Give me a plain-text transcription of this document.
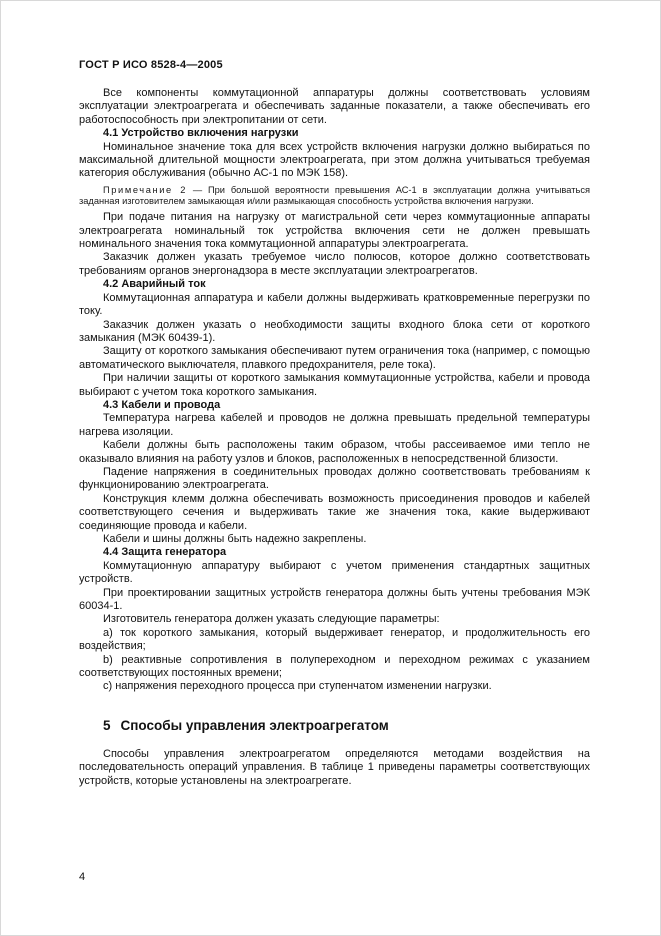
ГОСТ Р ИСО 8528-4—2005

Все компоненты коммутационной аппаратуры должны соответствовать условиям эксплуатации электроагрегата и обеспечивать заданные показатели, а также обеспечивать его работоспособность при электропитании от сети.

4.1 Устройство включения нагрузки

Номинальное значение тока для всех устройств включения нагрузки должно выбираться по максимальной длительной мощности электроагрегата, при этом должна учитываться требуемая категория обслуживания (обычно АС-1 по МЭК 158).

Примечание 2 — При большой вероятности превышения АС-1 в эксплуатации должна учитываться заданная изготовителем замыкающая и/или размыкающая способность устройства включения нагрузки.

При подаче питания на нагрузку от магистральной сети через коммутационные аппараты электроагрегата номинальный ток устройства включения сети не должен превышать номинального значения тока коммутационной аппаратуры электроагрегата.

Заказчик должен указать требуемое число полюсов, которое должно соответствовать требованиям органов энергонадзора в месте эксплуатации электроагрегатов.

4.2 Аварийный ток

Коммутационная аппаратура и кабели должны выдерживать кратковременные перегрузки по току.

Заказчик должен указать о необходимости защиты входного блока сети от короткого замыкания (МЭК 60439-1).

Защиту от короткого замыкания обеспечивают путем ограничения тока (например, с помощью автоматического выключателя, плавкого предохранителя, реле тока).

При наличии защиты от короткого замыкания коммутационные устройства, кабели и провода выбирают с учетом тока короткого замыкания.

4.3 Кабели и провода

Температура нагрева кабелей и проводов не должна превышать предельной температуры нагрева изоляции.

Кабели должны быть расположены таким образом, чтобы рассеиваемое ими тепло не оказывало влияния на работу узлов и блоков, расположенных в непосредственной близости.

Падение напряжения в соединительных проводах должно соответствовать требованиям к функционированию электроагрегата.

Конструкция клемм должна обеспечивать возможность присоединения проводов и кабелей соответствующего сечения и выдерживать такие же значения тока, какие выдерживают соединяющие провода и кабели.

Кабели и шины должны быть надежно закреплены.

4.4 Защита генератора

Коммутационную аппаратуру выбирают с учетом применения стандартных защитных устройств.

При проектировании защитных устройств генератора должны быть учтены требования МЭК 60034-1.

Изготовитель генератора должен указать следующие параметры:

а) ток короткого замыкания, который выдерживает генератор, и продолжительность его воздействия;

b) реактивные сопротивления в полупереходном и переходном режимах с указанием соответствующих постоянных времени;

с) напряжения переходного процесса при ступенчатом изменении нагрузки.

5 Способы управления электроагрегатом

Способы управления электроагрегатом определяются методами воздействия на последовательность операций управления. В таблице 1 приведены параметры соответствующих устройств, которые установлены на электроагрегате.

4
